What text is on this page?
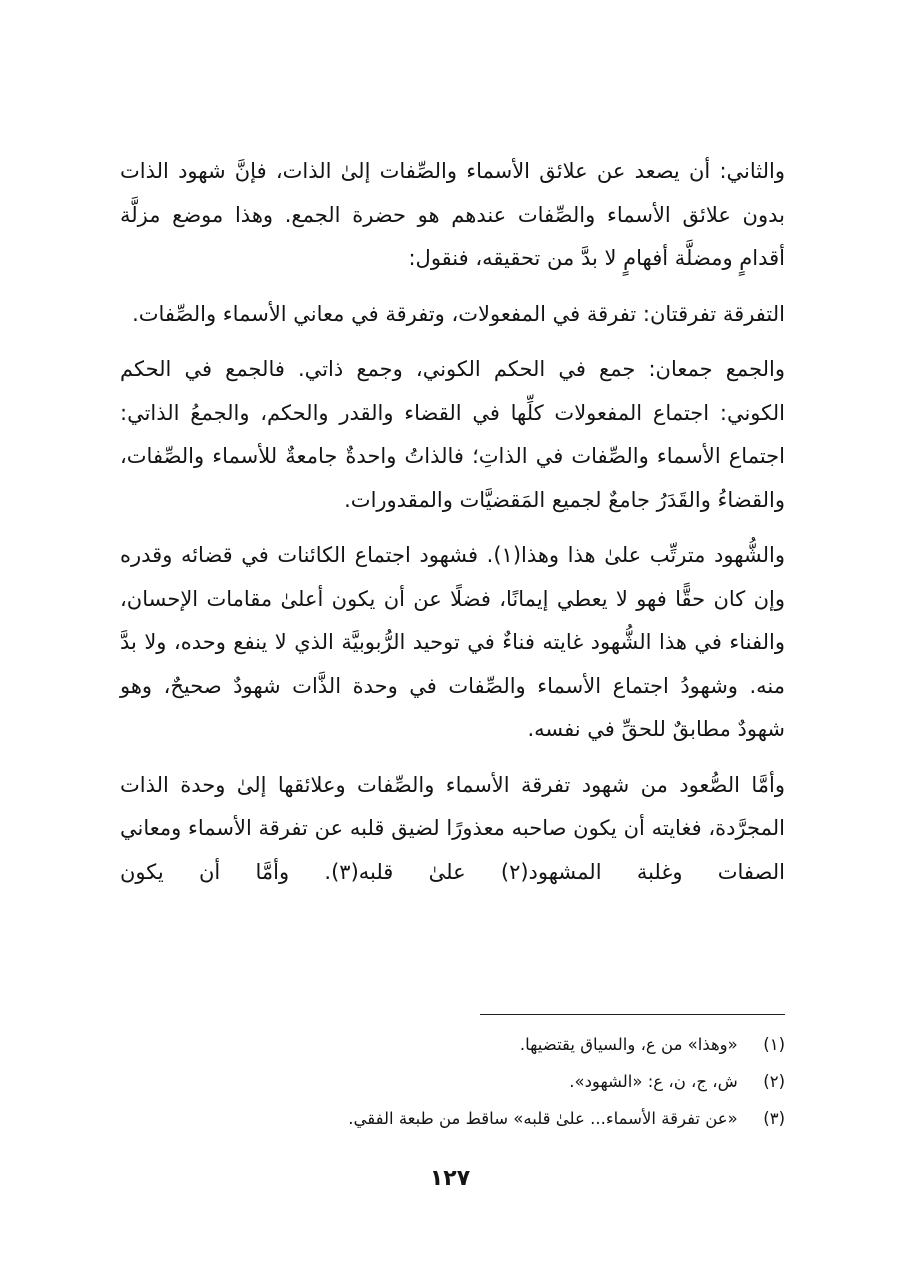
والثاني: أن يصعد عن علائق الأسماء والصِّفات إلىٰ الذات، فإنَّ شهود الذات بدون علائق الأسماء والصِّفات عندهم هو حضرة الجمع. وهذا موضع مزلَّة أقدامٍ ومضلَّة أفهامٍ لا بدَّ من تحقيقه، فنقول:

التفرقة تفرقتان: تفرقة في المفعولات، وتفرقة في معاني الأسماء والصِّفات.

والجمع جمعان: جمع في الحكم الكوني، وجمع ذاتي. فالجمع في الحكم الكوني: اجتماع المفعولات كلِّها في القضاء والقدر والحكم، والجمعُ الذاتي: اجتماع الأسماء والصِّفات في الذاتِ؛ فالذاتُ واحدةٌ جامعةٌ للأسماء والصِّفات، والقضاءُ والقَدَرُ جامعٌ لجميع المَقضيَّات والمقدورات.

والشُّهود مترتِّب علىٰ هذا وهذا(١). فشهود اجتماع الكائنات في قضائه وقدره وإن كان حقًّا فهو لا يعطي إيمانًا، فضلًا عن أن يكون أعلىٰ مقامات الإحسان، والفناء في هذا الشُّهود غايته فناءٌ في توحيد الرُّبوبيَّة الذي لا ينفع وحده، ولا بدَّ منه. وشهودُ اجتماع الأسماء والصِّفات في وحدة الذَّات شهودٌ صحيحٌ، وهو شهودٌ مطابقٌ للحقِّ في نفسه.

وأمَّا الصُّعود من شهود تفرقة الأسماء والصِّفات وعلائقها إلىٰ وحدة الذات المجرَّدة، فغايته أن يكون صاحبه معذورًا لضيق قلبه عن تفرقة الأسماء ومعاني الصفات وغلبة المشهود(٢) علىٰ قلبه(٣). وأمَّا أن يكون

(١) «وهذا» من ع، والسياق يقتضيها.
(٢) ش، ج، ن، ع: «الشهود».
(٣) «عن تفرقة الأسماء... علىٰ قلبه» ساقط من طبعة الفقي.
١٢٧
